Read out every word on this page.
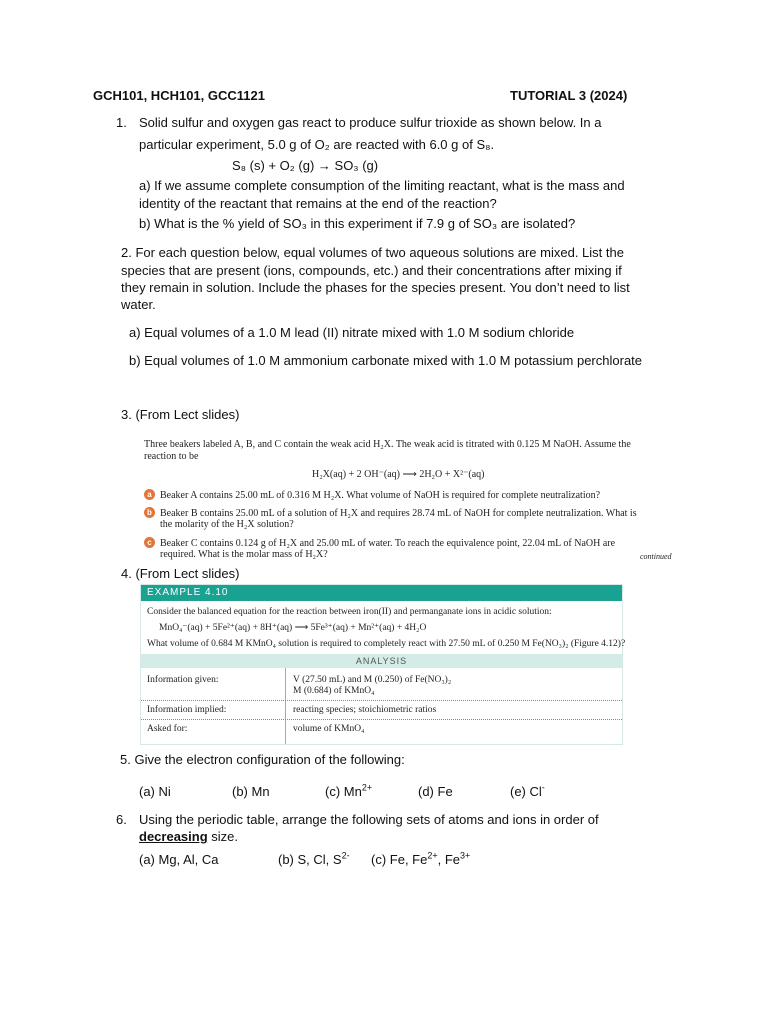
GCH101, HCH101, GCC1121	TUTORIAL 3 (2024)
1. Solid sulfur and oxygen gas react to produce sulfur trioxide as shown below. In a
particular experiment, 5.0 g of O₂ are reacted with 6.0 g of S₈.
S₈ (s) + O₂ (g) → SO₃ (g)
a) If we assume complete consumption of the limiting reactant, what is the mass and
identity of the reactant that remains at the end of the reaction?
b) What is the % yield of SO₃ in this experiment if 7.9 g of SO₃ are isolated?
2. For each question below, equal volumes of two aqueous solutions are mixed. List the
species that are present (ions, compounds, etc.) and their concentrations after mixing if
they remain in solution. Include the phases for the species present. You don’t need to list
water.
a) Equal volumes of a 1.0 M lead (II) nitrate mixed with 1.0 M sodium chloride
b) Equal volumes of 1.0 M ammonium carbonate mixed with 1.0 M potassium perchlorate
3. (From Lect slides)
Three beakers labeled A, B, and C contain the weak acid H₂X. The weak acid is titrated with 0.125 M NaOH. Assume the
reaction to be
H₂X(aq) + 2 OH⁻(aq) ⟶ 2H₂O + X²⁻(aq)
a Beaker A contains 25.00 mL of 0.316 M H₂X. What volume of NaOH is required for complete neutralization?
b Beaker B contains 25.00 mL of a solution of H₂X and requires 28.74 mL of NaOH for complete neutralization. What is
the molarity of the H₂X solution?
c Beaker C contains 0.124 g of H₂X and 25.00 mL of water. To reach the equivalence point, 22.04 mL of NaOH are
required. What is the molar mass of H₂X?	continued
4. (From Lect slides)
EXAMPLE 4.10
Consider the balanced equation for the reaction between iron(II) and permanganate ions in acidic solution:
MnO₄⁻(aq) + 5Fe²⁺(aq) + 8H⁺(aq) ⟶ 5Fe³⁺(aq) + Mn²⁺(aq) + 4H₂O
What volume of 0.684 M KMnO₄ solution is required to completely react with 27.50 mL of 0.250 M Fe(NO₃)₂ (Figure 4.12)?
ANALYSIS
Information given:	V (27.50 mL) and M (0.250) of Fe(NO₃)₂
M (0.684) of KMnO₄
Information implied:	reacting species; stoichiometric ratios
Asked for:	volume of KMnO₄
5. Give the electron configuration of the following:
(a) Ni	(b) Mn	(c) $Mn^{2+}$	(d) Fe	(e) Cl-
6. Using the periodic table, arrange the following sets of atoms and ions in order of
decreasing size.
(a) Mg, Al, Ca	(b) S, Cl, $S^{2-}$ (c) Fe, $Fe^{2+}$, $Fe^{3+}$
